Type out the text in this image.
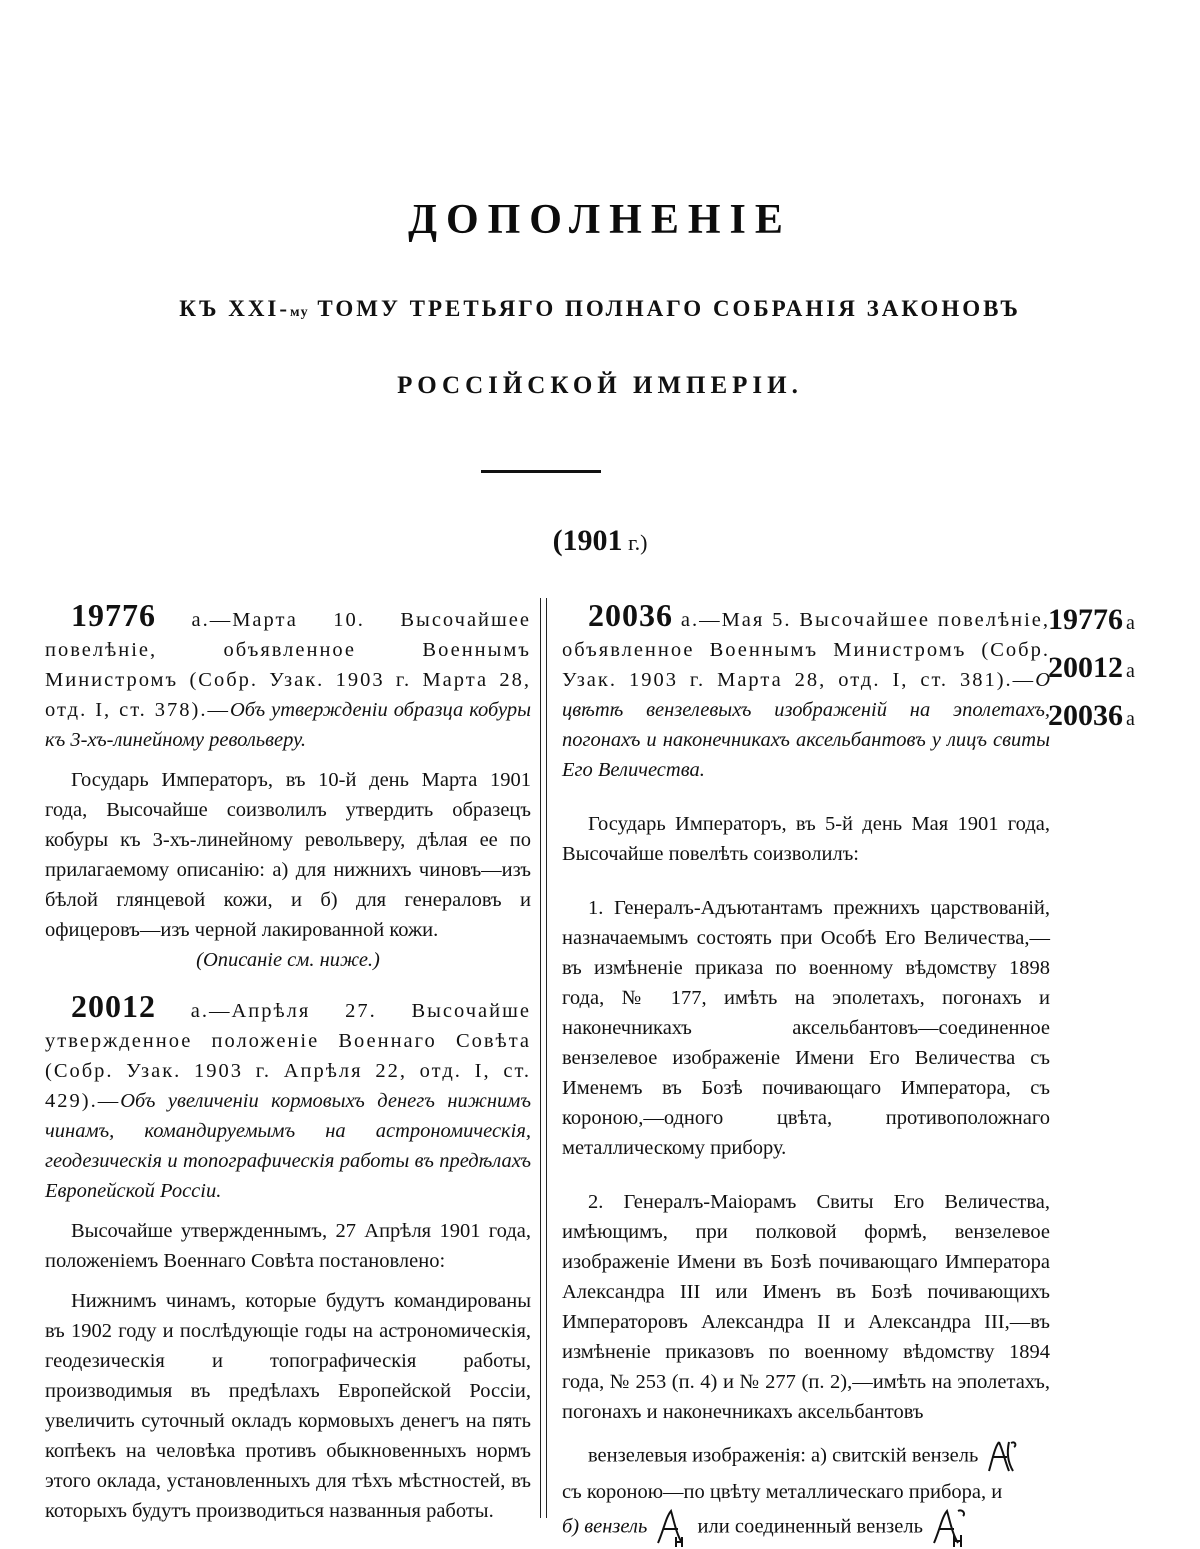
ДОПОЛНЕНІЕ
КЪ XXI-му ТОМУ ТРЕТЬЯГО ПОЛНАГО СОБРАНІЯ ЗАКОНОВЪ
РОССІЙСКОЙ ИМПЕРІИ.
(1901 г.)

19776 а.—Марта 10. Высочайшее повелѣніе, объявленное Военнымъ Министромъ (Собр. Узак. 1903 г. Марта 28, отд. I, ст. 378).—Объ утвержденіи образца кобуры къ 3-хъ-линейному револьверу.

Государь Императоръ, въ 10-й день Марта 1901 года, Высочайше соизволилъ утвердить образецъ кобуры къ 3-хъ-линейному револьверу, дѣлая ее по прилагаемому описанію: а) для нижнихъ чиновъ—изъ бѣлой глянцевой кожи, и б) для генераловъ и офицеровъ—изъ черной лакированной кожи.

(Описаніе см. ниже.)

20012 а.—Апрѣля 27. Высочайше утвержденное положеніе Военнаго Совѣта (Собр. Узак. 1903 г. Апрѣля 22, отд. I, ст. 429).—Объ увеличеніи кормовыхъ денегъ нижнимъ чинамъ, командируемымъ на астрономическія, геодезическія и топографическія работы въ предѣлахъ Европейской Россіи.

Высочайше утвержденнымъ, 27 Апрѣля 1901 года, положеніемъ Военнаго Совѣта постановлено:

Нижнимъ чинамъ, которые будутъ командированы въ 1902 году и послѣдующіе годы на астрономическія, геодезическія и топографическія работы, производимыя въ предѣлахъ Европейской Россіи, увеличить суточный окладъ кормовыхъ денегъ на пять копѣекъ на человѣка противъ обыкновенныхъ нормъ этого оклада, установленныхъ для тѣхъ мѣстностей, въ которыхъ будутъ производиться названныя работы.

20036 а.—Мая 5. Высочайшее повелѣніе, объявленное Военнымъ Министромъ (Собр. Узак. 1903 г. Марта 28, отд. I, ст. 381).—О цвѣтѣ вензелевыхъ изображеній на эполетахъ, погонахъ и наконечникахъ аксельбантовъ у лицъ свиты Его Величества.

Государь Императоръ, въ 5-й день Мая 1901 года, Высочайше повелѣть соизволилъ:

1. Генералъ-Адъютантамъ прежнихъ царствованій, назначаемымъ состоять при Особѣ Его Величества,—въ измѣненіе приказа по военному вѣдомству 1898 года, № 177, имѣть на эполетахъ, погонахъ и наконечникахъ аксельбантовъ—соединенное вензелевое изображеніе Имени Его Величества съ Именемъ въ Бозѣ почивающаго Императора, съ короною,—одного цвѣта, противоположнаго металлическому прибору.

2. Генералъ-Маіорамъ Свиты Его Величества, имѣющимъ, при полковой формѣ, вензелевое изображеніе Имени въ Бозѣ почивающаго Императора Александра III или Именъ въ Бозѣ почивающихъ Императоровъ Александра II и Александра III,—въ измѣненіе приказовъ по военному вѣдомству 1894 года, № 253 (п. 4) и № 277 (п. 2),—имѣть на эполетахъ, погонахъ и наконечникахъ аксельбантовъ

вензелевыя изображенія: а) свитскій вензель

съ короною—по цвѣту металлическаго прибора, и

б) вензель или соединенный вензель

19776 а
20012 а
20036 а
